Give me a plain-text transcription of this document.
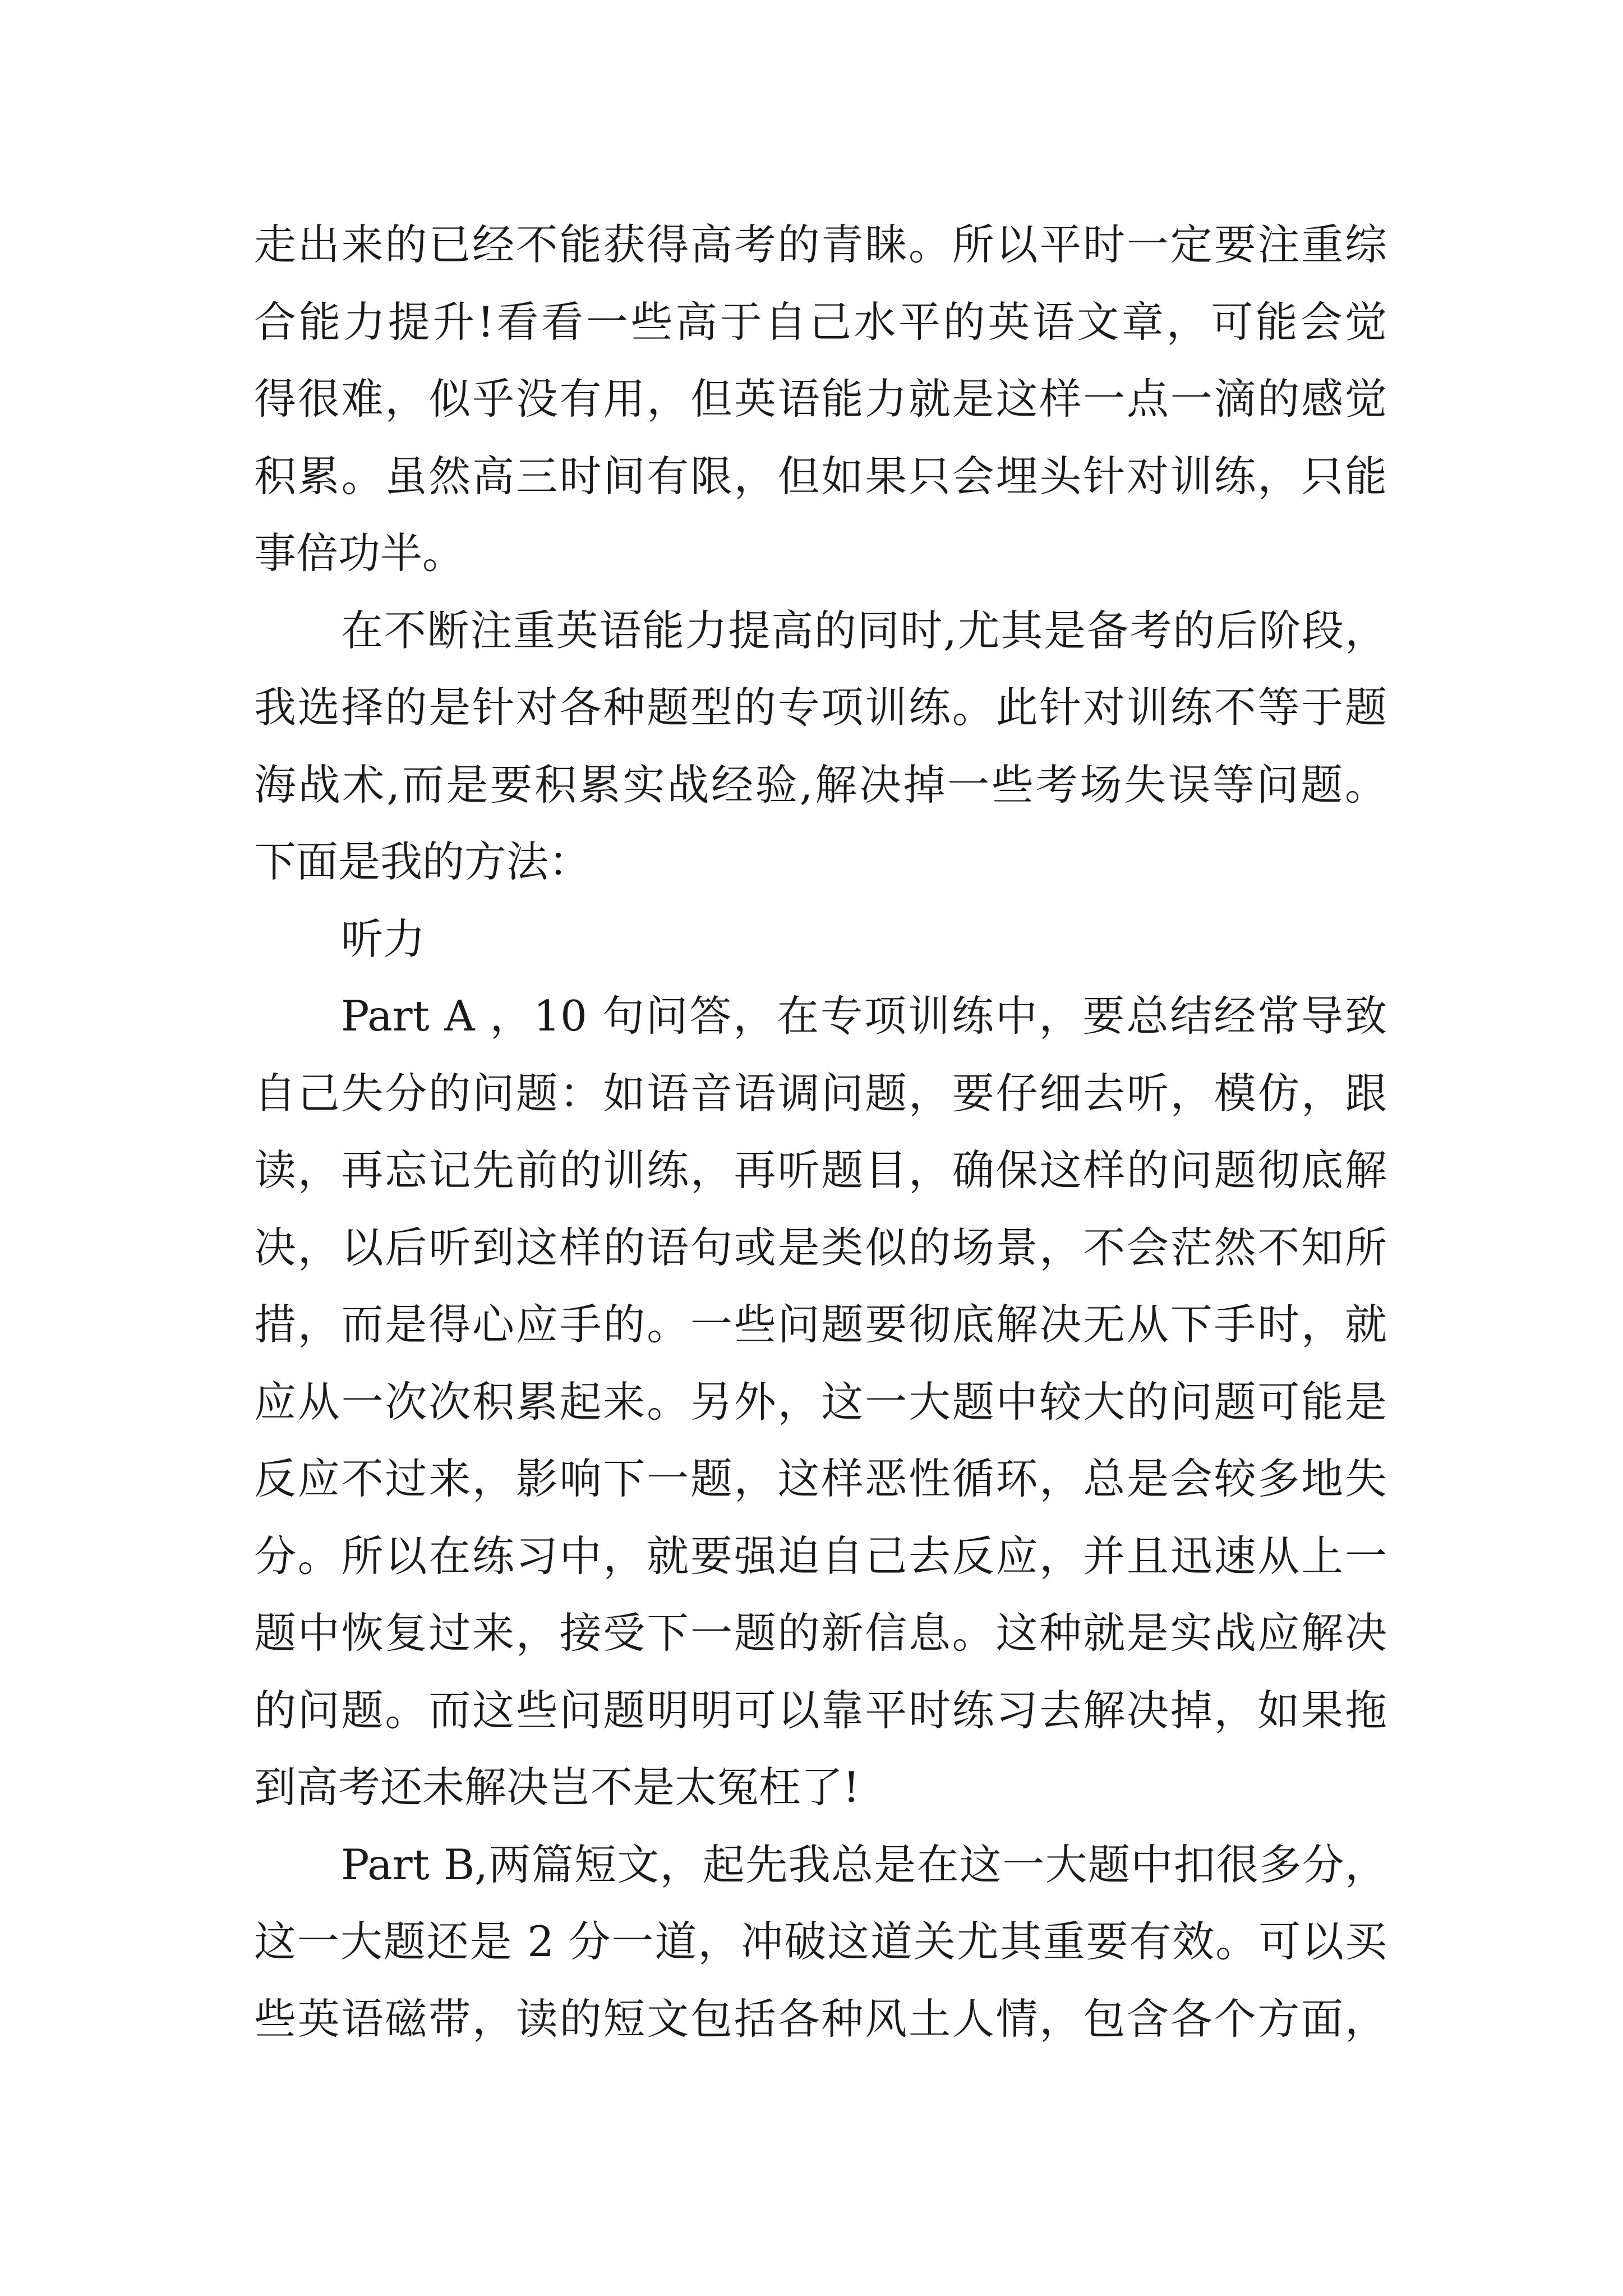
走出来的已经不能获得高考的青睐。所以平时一定要注重综
合能力提升!看看一些高于自己水平的英语文章，可能会觉
得很难，似乎没有用，但英语能力就是这样一点一滴的感觉
积累。虽然高三时间有限，但如果只会埋头针对训练，只能
事倍功半。
在不断注重英语能力提高的同时,尤其是备考的后阶段，
我选择的是针对各种题型的专项训练。此针对训练不等于题
海战术,而是要积累实战经验,解决掉一些考场失误等问题。
下面是我的方法：
听力
Part A ，10 句问答，在专项训练中，要总结经常导致
自己失分的问题：如语音语调问题，要仔细去听，模仿，跟
读，再忘记先前的训练，再听题目，确保这样的问题彻底解
决，以后听到这样的语句或是类似的场景，不会茫然不知所
措，而是得心应手的。一些问题要彻底解决无从下手时，就
应从一次次积累起来。另外，这一大题中较大的问题可能是
反应不过来，影响下一题，这样恶性循环，总是会较多地失
分。所以在练习中，就要强迫自己去反应，并且迅速从上一
题中恢复过来，接受下一题的新信息。这种就是实战应解决
的问题。而这些问题明明可以靠平时练习去解决掉，如果拖
到高考还未解决岂不是太冤枉了!
Part B,两篇短文，起先我总是在这一大题中扣很多分，
这一大题还是 2 分一道，冲破这道关尤其重要有效。可以买
些英语磁带，读的短文包括各种风土人情，包含各个方面，
